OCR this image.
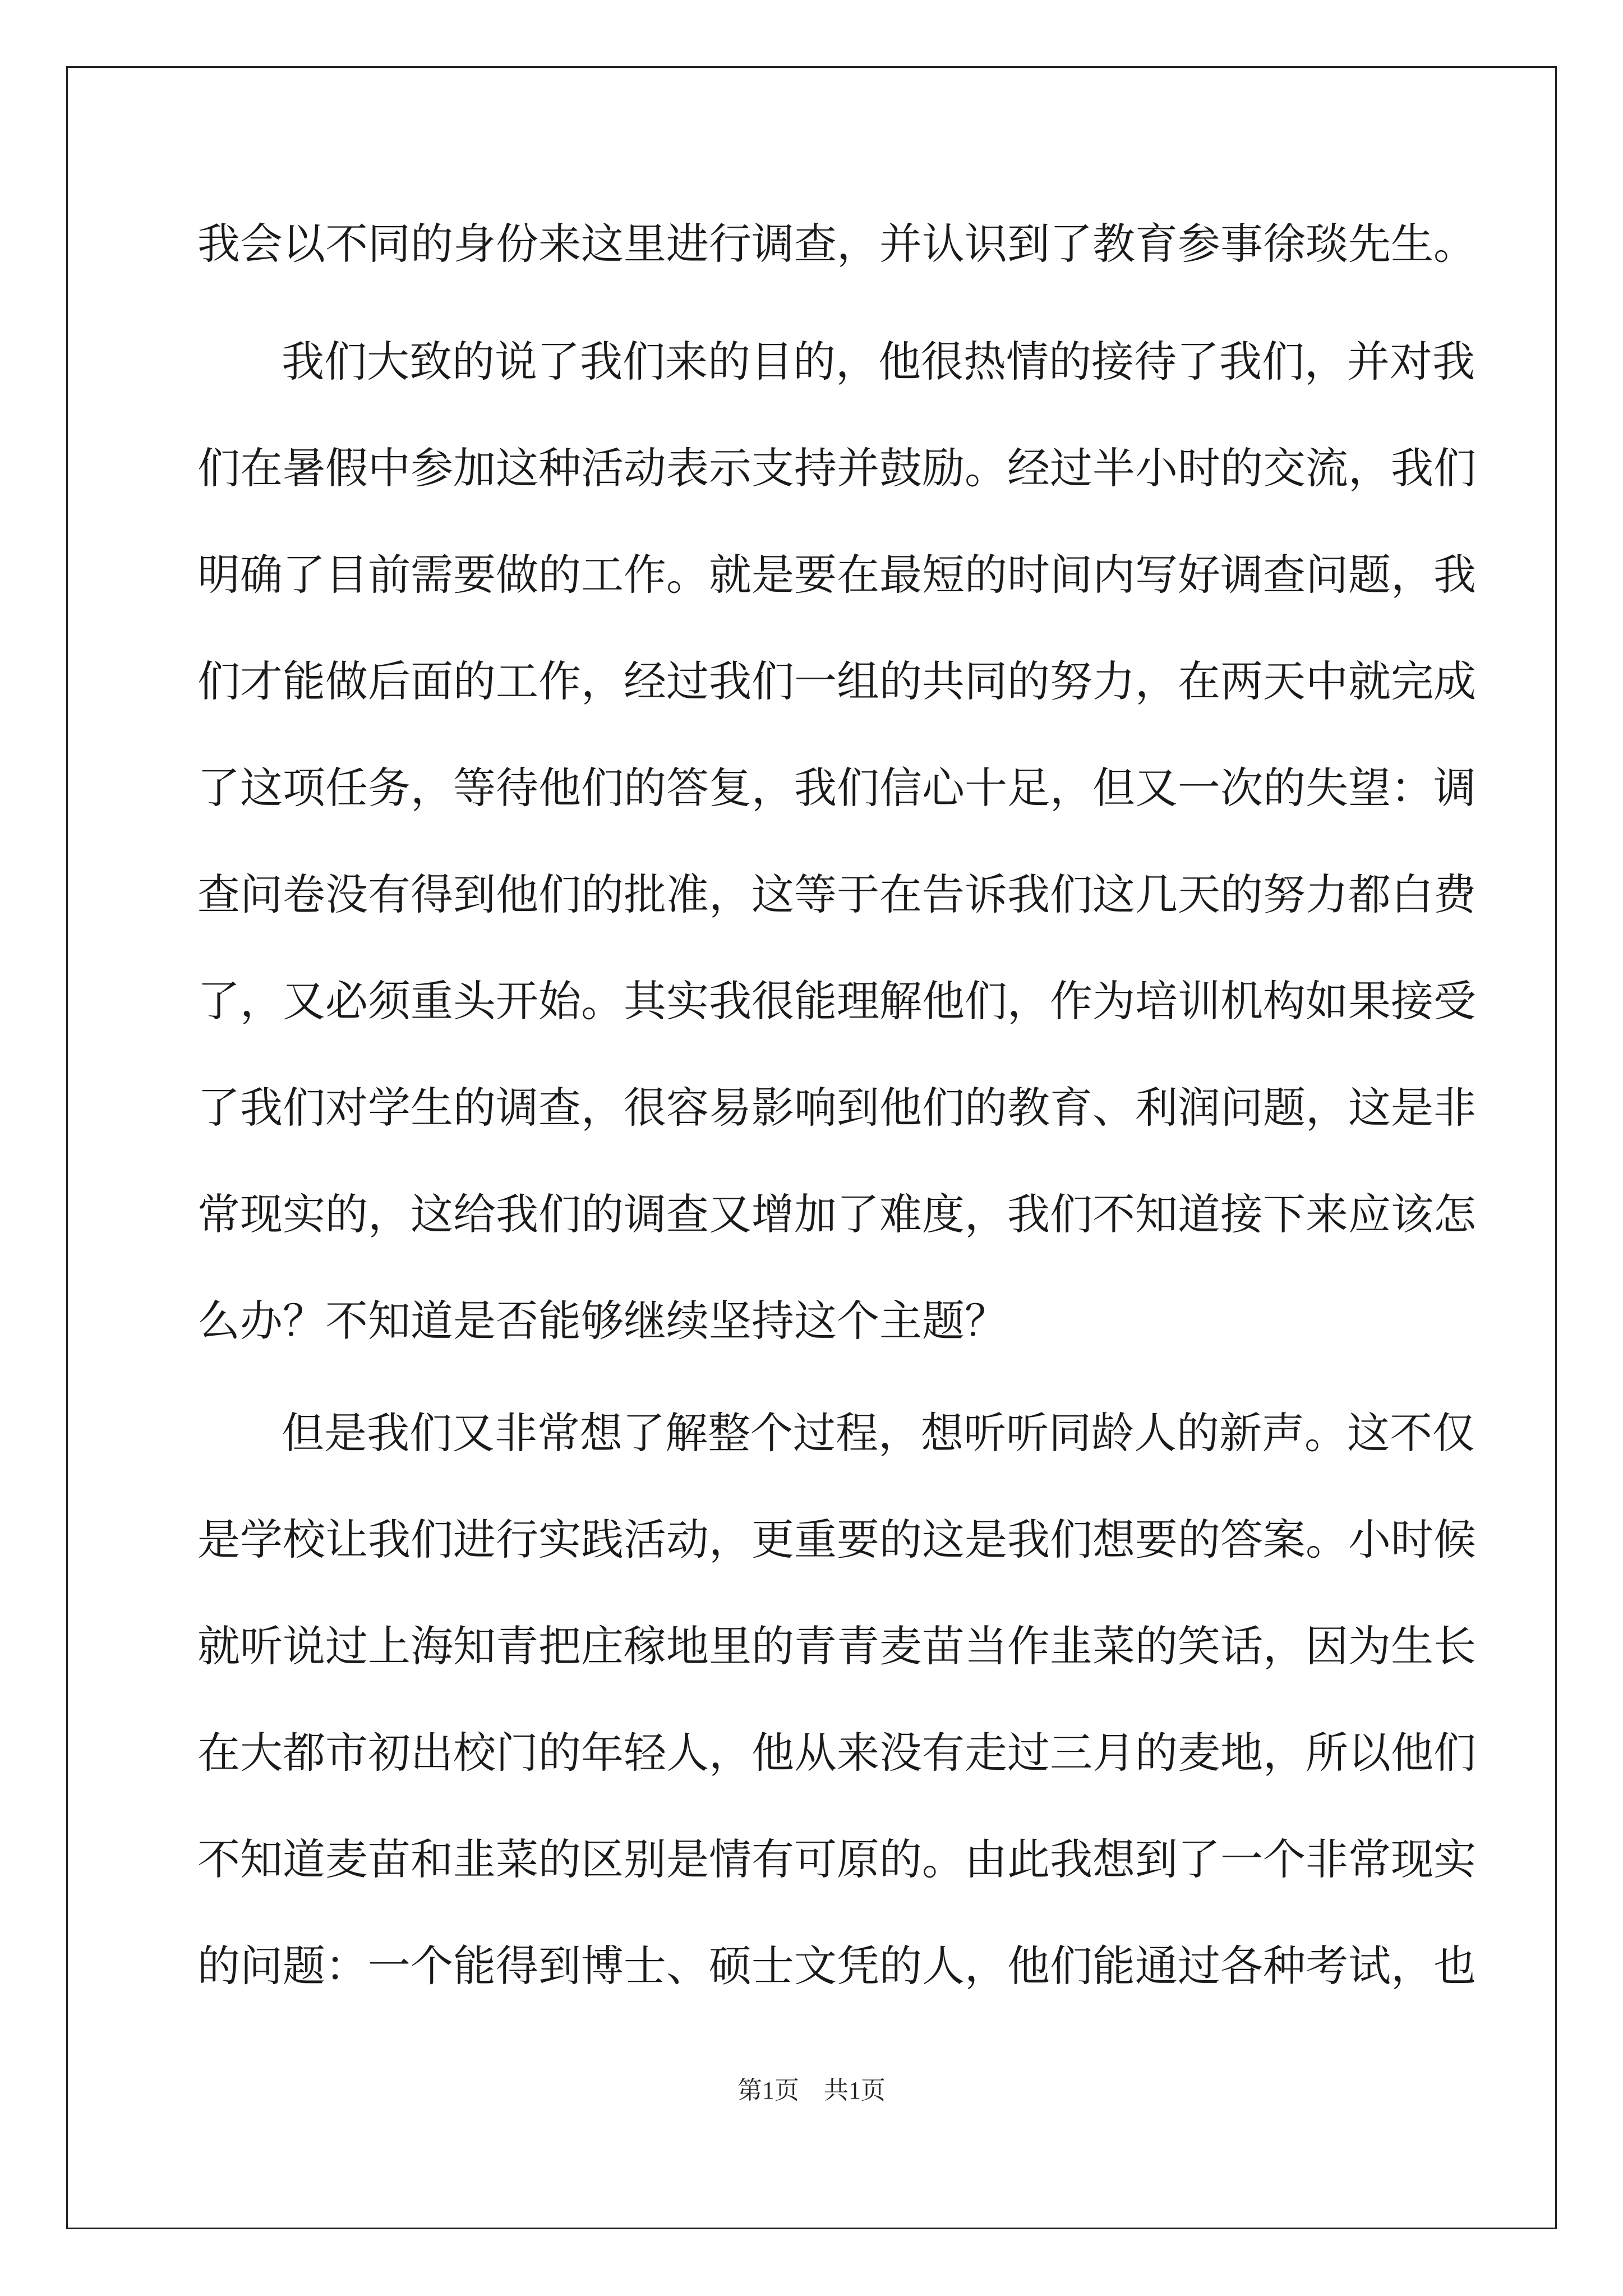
我会以不同的身份来这里进行调查，并认识到了教育参事徐琰先生。
我们大致的说了我们来的目的，他很热情的接待了我们，并对我
们在暑假中参加这种活动表示支持并鼓励。经过半小时的交流，我们
明确了目前需要做的工作。就是要在最短的时间内写好调查问题，我
们才能做后面的工作，经过我们一组的共同的努力，在两天中就完成
了这项任务，等待他们的答复，我们信心十足，但又一次的失望：调
查问卷没有得到他们的批准，这等于在告诉我们这几天的努力都白费
了，又必须重头开始。其实我很能理解他们，作为培训机构如果接受
了我们对学生的调查，很容易影响到他们的教育、利润问题，这是非
常现实的，这给我们的调查又增加了难度，我们不知道接下来应该怎
么办？不知道是否能够继续坚持这个主题？
但是我们又非常想了解整个过程，想听听同龄人的新声。这不仅
是学校让我们进行实践活动，更重要的这是我们想要的答案。小时候
就听说过上海知青把庄稼地里的青青麦苗当作韭菜的笑话，因为生长
在大都市初出校门的年轻人，他从来没有走过三月的麦地，所以他们
不知道麦苗和韭菜的区别是情有可原的。由此我想到了一个非常现实
的问题：一个能得到博士、硕士文凭的人，他们能通过各种考试，也
第1页　共1页
